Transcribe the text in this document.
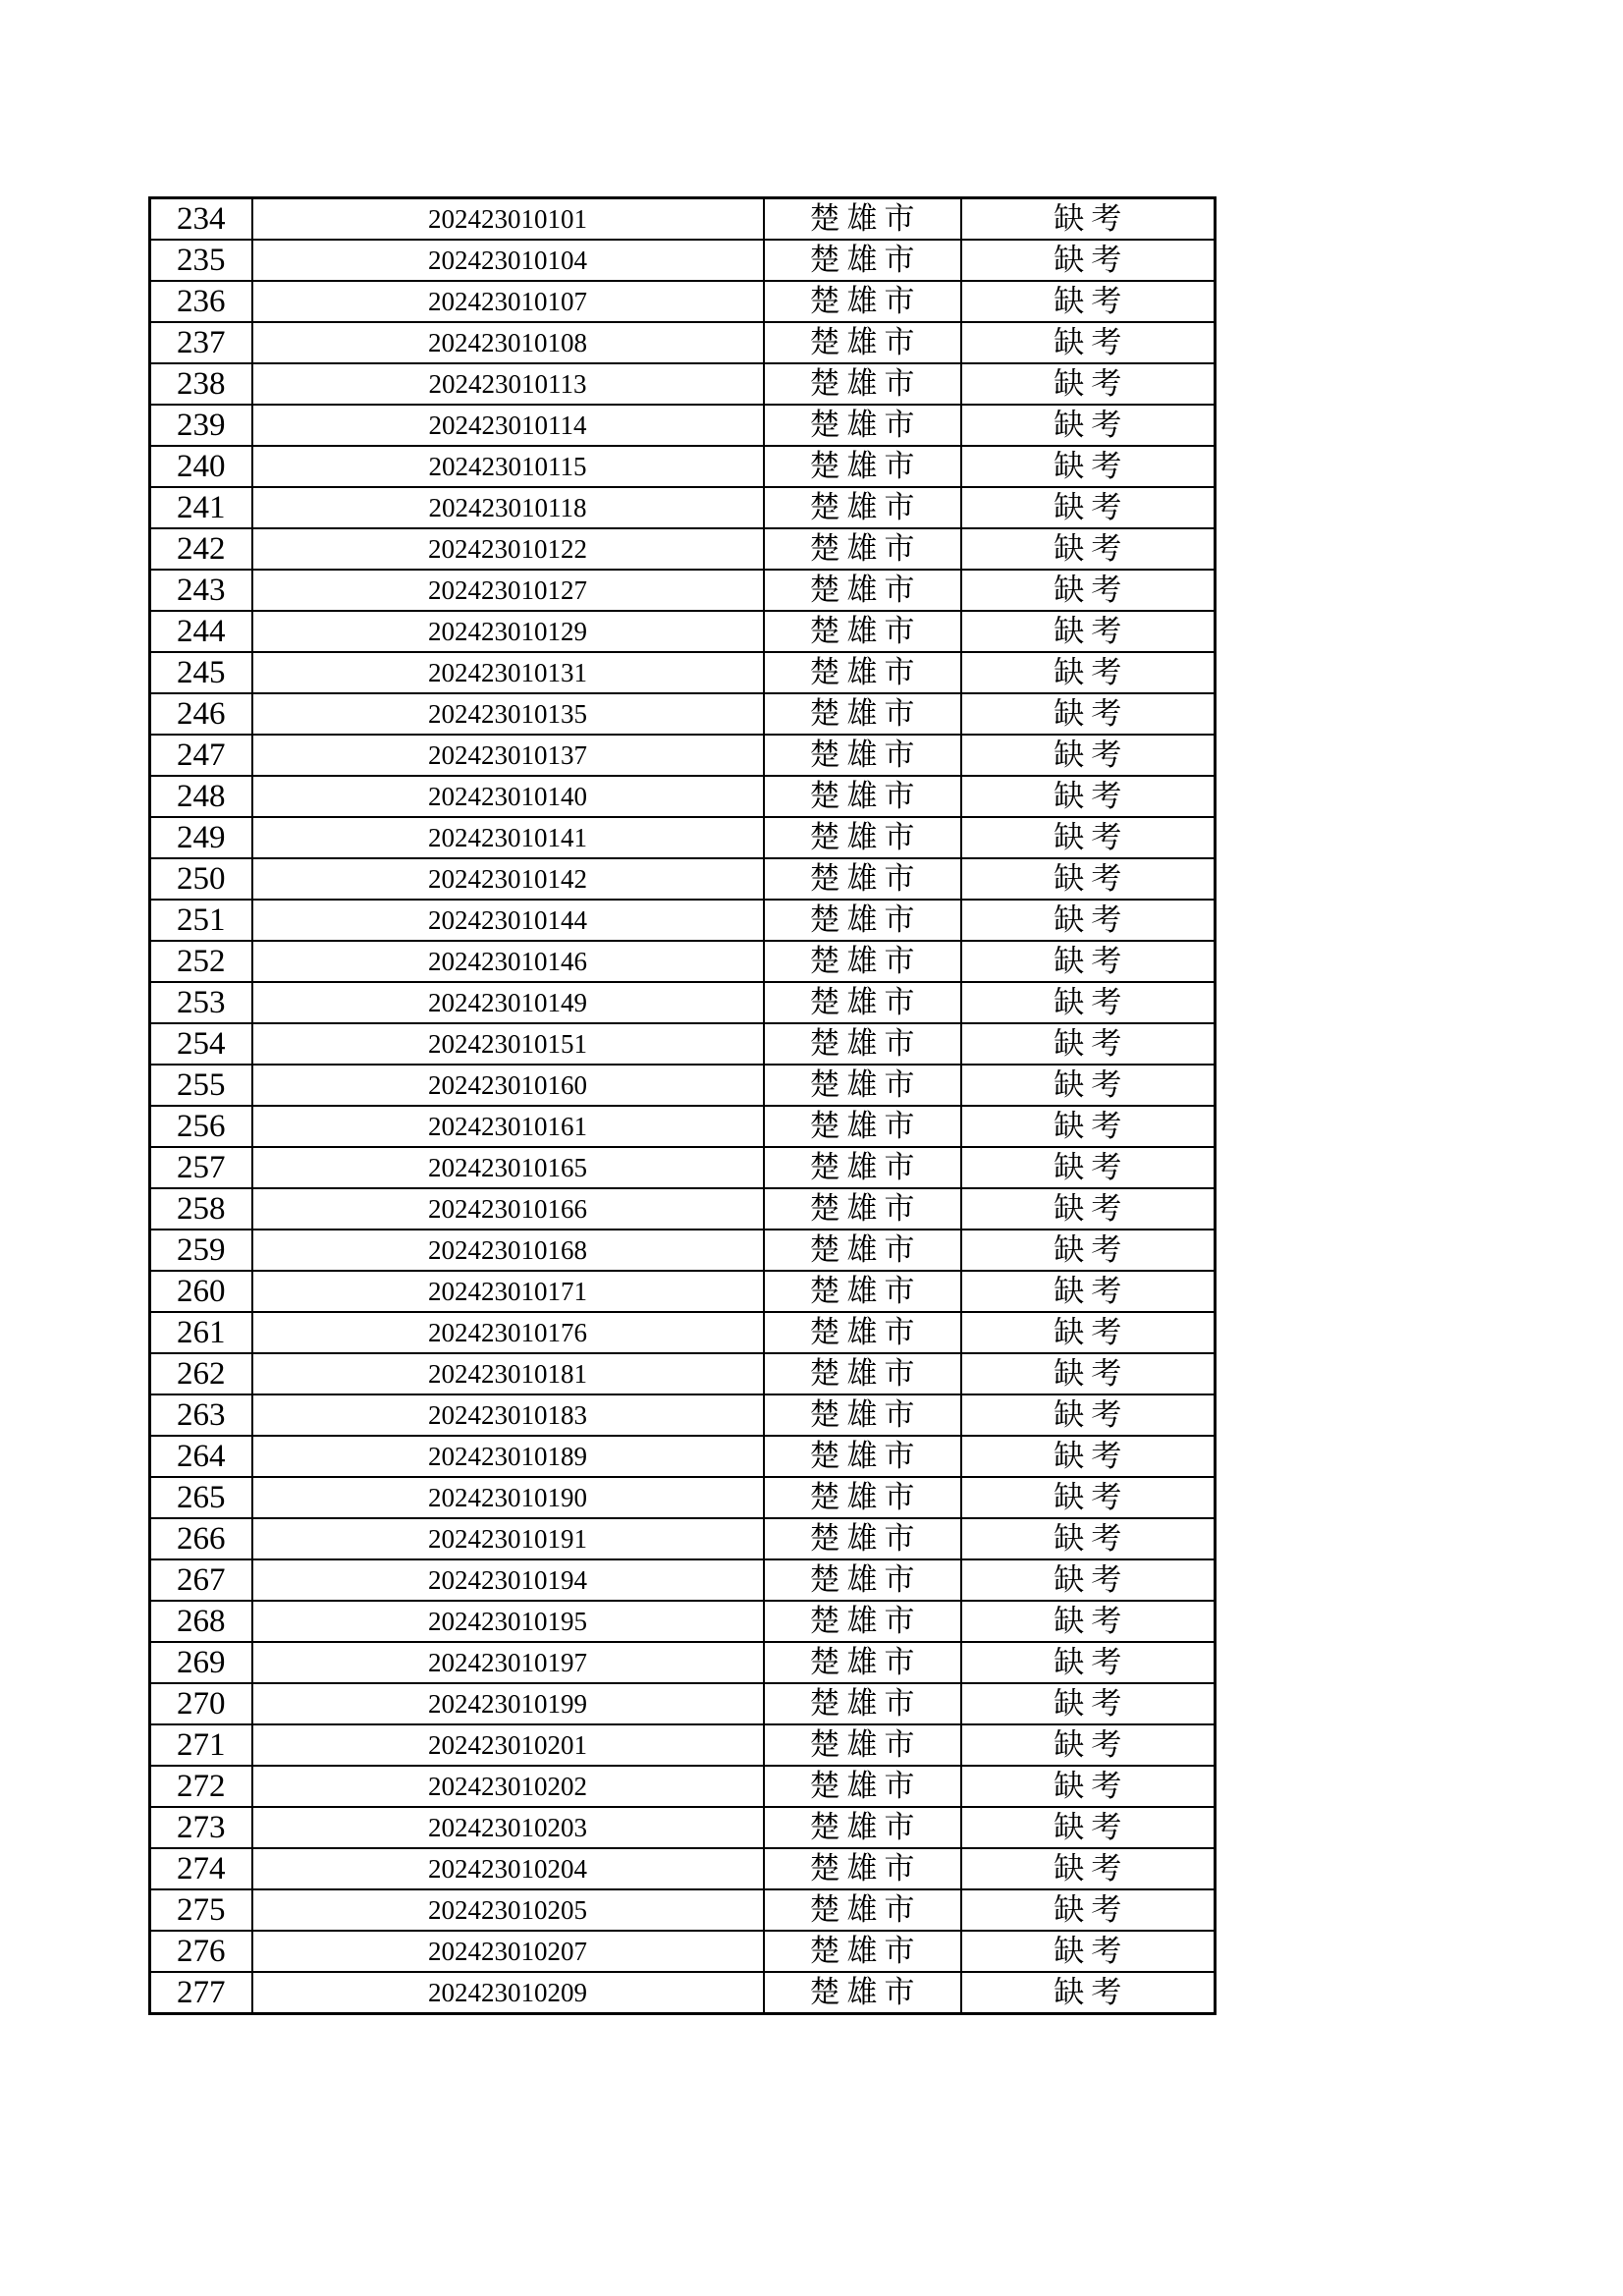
234	202423010101	楚雄市	缺考
235	202423010104	楚雄市	缺考
236	202423010107	楚雄市	缺考
237	202423010108	楚雄市	缺考
238	202423010113	楚雄市	缺考
239	202423010114	楚雄市	缺考
240	202423010115	楚雄市	缺考
241	202423010118	楚雄市	缺考
242	202423010122	楚雄市	缺考
243	202423010127	楚雄市	缺考
244	202423010129	楚雄市	缺考
245	202423010131	楚雄市	缺考
246	202423010135	楚雄市	缺考
247	202423010137	楚雄市	缺考
248	202423010140	楚雄市	缺考
249	202423010141	楚雄市	缺考
250	202423010142	楚雄市	缺考
251	202423010144	楚雄市	缺考
252	202423010146	楚雄市	缺考
253	202423010149	楚雄市	缺考
254	202423010151	楚雄市	缺考
255	202423010160	楚雄市	缺考
256	202423010161	楚雄市	缺考
257	202423010165	楚雄市	缺考
258	202423010166	楚雄市	缺考
259	202423010168	楚雄市	缺考
260	202423010171	楚雄市	缺考
261	202423010176	楚雄市	缺考
262	202423010181	楚雄市	缺考
263	202423010183	楚雄市	缺考
264	202423010189	楚雄市	缺考
265	202423010190	楚雄市	缺考
266	202423010191	楚雄市	缺考
267	202423010194	楚雄市	缺考
268	202423010195	楚雄市	缺考
269	202423010197	楚雄市	缺考
270	202423010199	楚雄市	缺考
271	202423010201	楚雄市	缺考
272	202423010202	楚雄市	缺考
273	202423010203	楚雄市	缺考
274	202423010204	楚雄市	缺考
275	202423010205	楚雄市	缺考
276	202423010207	楚雄市	缺考
277	202423010209	楚雄市	缺考
